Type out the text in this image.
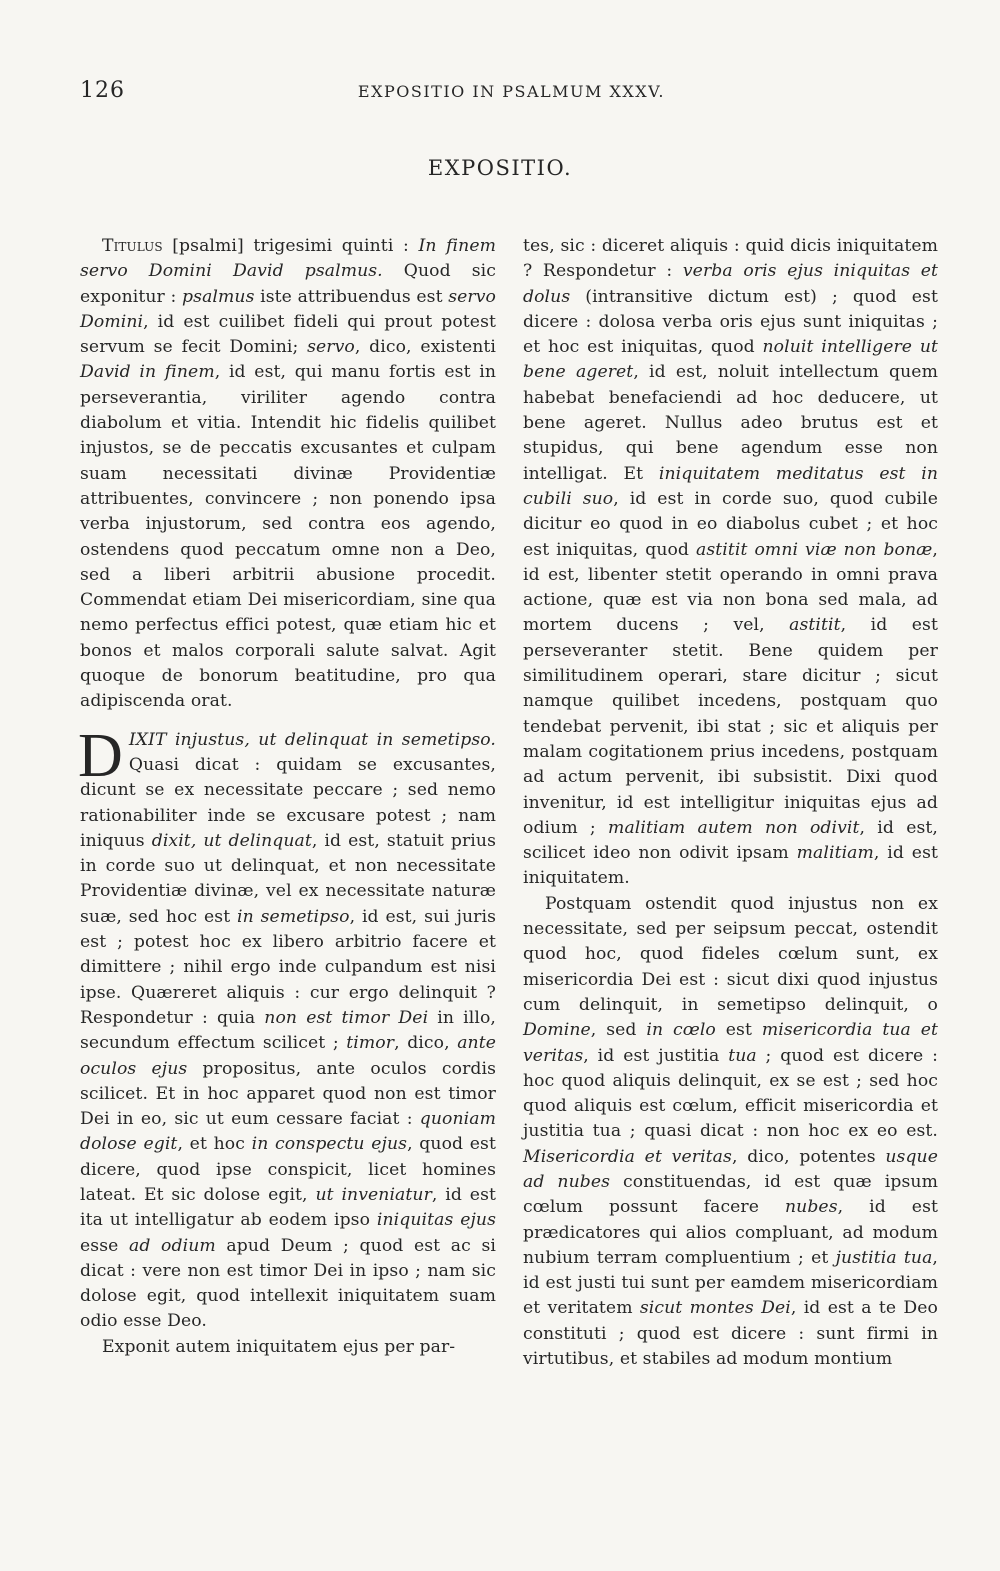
126	EXPOSITIO IN PSALMUM XXXV.
EXPOSITIO.

Titulus [psalmi] trigesimi quinti : In finem servo Domini David psalmus. Quod sic exponitur : psalmus iste attribuendus est servo Domini, id est cuilibet fideli qui prout potest servum se fecit Domini; servo, dico, existenti David in finem, id est, qui manu fortis est in perseverantia, viriliter agendo contra diabolum et vitia. Intendit hic fidelis quilibet injustos, se de peccatis excusantes et culpam suam necessitati divinæ Providentiæ attribuentes, convincere ; non ponendo ipsa verba injustorum, sed contra eos agendo, ostendens quod peccatum omne non a Deo, sed a liberi arbitrii abusione procedit. Commendat etiam Dei misericordiam, sine qua nemo perfectus effici potest, quæ etiam hic et bonos et malos corporali salute salvat. Agit quoque de bonorum beatitudine, pro qua adipiscenda orat.

DIXIT injustus, ut delinquat in semetipso. Quasi dicat : quidam se excusantes, dicunt se ex necessitate peccare ; sed nemo rationabiliter inde se excusare potest ; nam iniquus dixit, ut delinquat, id est, statuit prius in corde suo ut delinquat, et non necessitate Providentiæ divinæ, vel ex necessitate naturæ suæ, sed hoc est in semetipso, id est, sui juris est ; potest hoc ex libero arbitrio facere et dimittere ; nihil ergo inde culpandum est nisi ipse. Quæreret aliquis : cur ergo delinquit ? Respondetur : quia non est timor Dei in illo, secundum effectum scilicet ; timor, dico, ante oculos ejus propositus, ante oculos cordis scilicet. Et in hoc apparet quod non est timor Dei in eo, sic ut eum cessare faciat : quoniam dolose egit, et hoc in conspectu ejus, quod est dicere, quod ipse conspicit, licet homines lateat. Et sic dolose egit, ut inveniatur, id est ita ut intelligatur ab eodem ipso iniquitas ejus esse ad odium apud Deum ; quod est ac si dicat : vere non est timor Dei in ipso ; nam sic dolose egit, quod intellexit iniquitatem suam odio esse Deo.

Exponit autem iniquitatem ejus per par-

tes, sic : diceret aliquis : quid dicis iniquitatem ? Respondetur : verba oris ejus iniquitas et dolus (intransitive dictum est) ; quod est dicere : dolosa verba oris ejus sunt iniquitas ; et hoc est iniquitas, quod noluit intelligere ut bene ageret, id est, noluit intellectum quem habebat benefaciendi ad hoc deducere, ut bene ageret. Nullus adeo brutus est et stupidus, qui bene agendum esse non intelligat. Et iniquitatem meditatus est in cubili suo, id est in corde suo, quod cubile dicitur eo quod in eo diabolus cubet ; et hoc est iniquitas, quod astitit omni viæ non bonæ, id est, libenter stetit operando in omni prava actione, quæ est via non bona sed mala, ad mortem ducens ; vel, astitit, id est perseveranter stetit. Bene quidem per similitudinem operari, stare dicitur ; sicut namque quilibet incedens, postquam quo tendebat pervenit, ibi stat ; sic et aliquis per malam cogitationem prius incedens, postquam ad actum pervenit, ibi subsistit. Dixi quod invenitur, id est intelligitur iniquitas ejus ad odium ; malitiam autem non odivit, id est, scilicet ideo non odivit ipsam malitiam, id est iniquitatem.

Postquam ostendit quod injustus non ex necessitate, sed per seipsum peccat, ostendit quod hoc, quod fideles cœlum sunt, ex misericordia Dei est : sicut dixi quod injustus cum delinquit, in semetipso delinquit, o Domine, sed in cœlo est misericordia tua et veritas, id est justitia tua ; quod est dicere : hoc quod aliquis delinquit, ex se est ; sed hoc quod aliquis est cœlum, efficit misericordia et justitia tua ; quasi dicat : non hoc ex eo est. Misericordia et veritas, dico, potentes usque ad nubes constituendas, id est quæ ipsum cœlum possunt facere nubes, id est prædicatores qui alios compluant, ad modum nubium terram compluentium ; et justitia tua, id est justi tui sunt per eamdem misericordiam et veritatem sicut montes Dei, id est a te Deo constituti ; quod est dicere : sunt firmi in virtutibus, et stabiles ad modum montium
